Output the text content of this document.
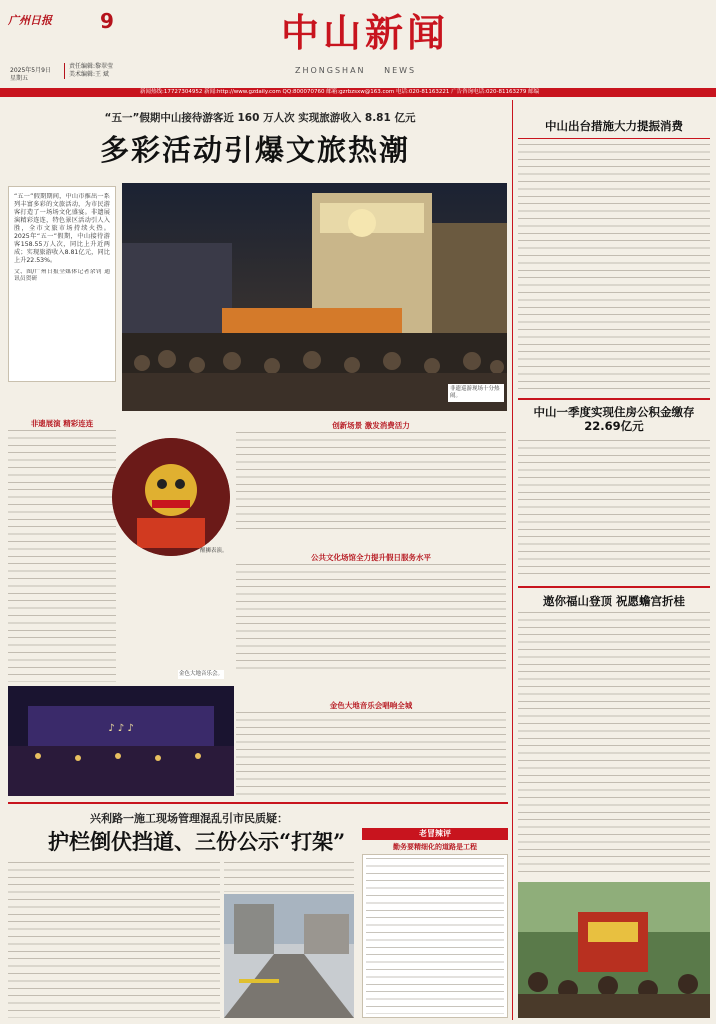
广州日报 9
2025年5月9日
星期五
责任编辑:黎翠莹
美术编辑:王 斌
中山新闻
ZHONGSHAN NEWS
新闻热线:17727304952 新闻:http://www.gzdaily.com QQ:800070760 邮箱:gzrbzsxw@163.com 电话:020-81163221 广告咨询电话:020-81163279 邮编
“五一”假期中山接待游客近 160 万人次 实现旅游收入 8.81 亿元
多彩活动引爆文旅热潮
“五一”假期期间，中山市推出一系列丰富多彩的文旅活动，为市民游客打造了一场场文化盛宴。非遗展演精彩连连，特色景区活动引人入胜，全市文旅市场持续火热。2025年“五一”假期，中山接待游客158.55万人次，同比上升近两成；实现旅游收入8.81亿元，同比上升22.53%。
文、图/广州日报全媒体记者余钊 通讯员贺研
非遗巡游现场十分热闹。
非遗展演 精彩连连
醒狮表演。
创新场景 激发消费活力
公共文化场馆全力提升假日服务水平
♪ ♪ ♪
金色大地音乐会。
金色大地音乐会唱响全城
中山出台措施大力提振消费
中山一季度实现住房公积金缴存22.69亿元
遨你福山登顶 祝愿蟾宫折桂
兴利路一施工现场管理混乱引市民质疑：
护栏倒伏挡道、三份公示“打架”	老冒辣评
勤务要精细化的道路是工程
